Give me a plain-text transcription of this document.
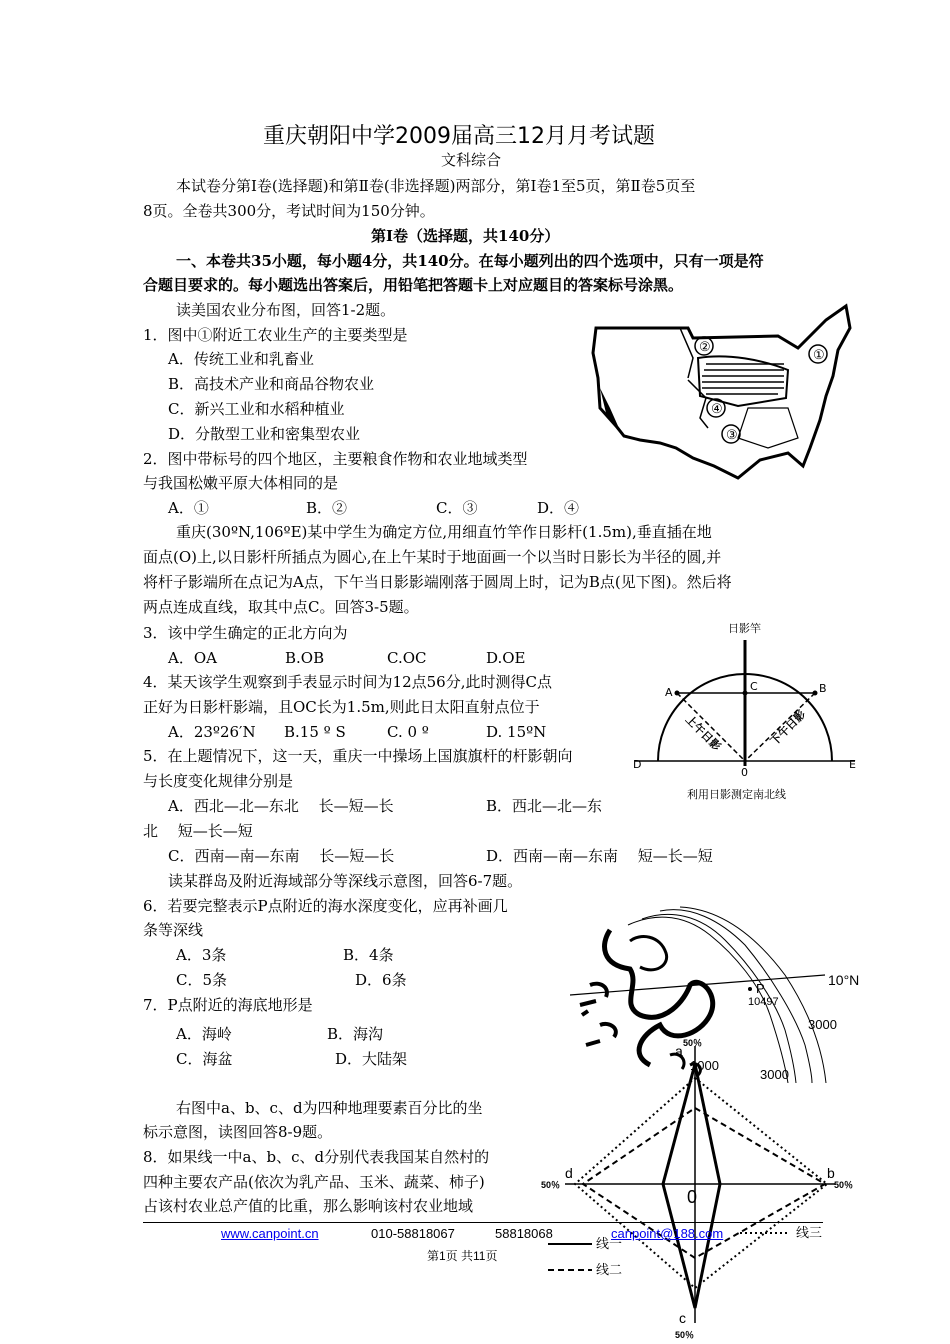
重庆朝阳中学2009届高三12月月考试题
文科综合
本试卷分第Ⅰ卷(选择题)和第Ⅱ卷(非选择题)两部分，第Ⅰ卷1至5页，第Ⅱ卷5页至
8页。全卷共300分，考试时间为150分钟。
第Ⅰ卷（选择题，共140分）
一、本卷共35小题，每小题4分，共140分。在每小题列出的四个选项中，只有一项是符
合题目要求的。每小题选出答案后，用铅笔把答题卡上对应题目的答案标号涂黑。
读美国农业分布图，回答1-2题。
1．图中①附近工农业生产的主要类型是
A．传统工业和乳畜业
B．高技术产业和商品谷物农业
C．新兴工业和水稻种植业
D．分散型工业和密集型农业
2．图中带标号的四个地区，主要粮食作物和农业地域类型
与我国松嫩平原大体相同的是
A．①	B．②	C．③	D．④
②
①
④
③
重庆(30ºN,106ºE)某中学生为确定方位,用细直竹竿作日影杆(1.5m),垂直插在地
面点(O)上,以日影杆所插点为圆心,在上午某时于地面画一个以当时日影长为半径的圆,并
将杆子影端所在点记为A点，下午当日影影端刚落于圆周上时，记为B点(见下图)。然后将
两点连成直线，取其中点C。回答3-5题。
3．该中学生确定的正北方向为
A．OA	B.OB	C.OC	D.OE
4．某天该学生观察到手表显示时间为12点56分,此时测得C点
正好为日影杆影端，且OC长为1.5m,则此日太阳直射点位于
A．23º26′N B.15 º S	C. 0 º	D. 15ºN
5．在上题情况下，这一天，重庆一中操场上国旗旗杆的杆影朝向
与长度变化规律分别是
A．西北—北—东北　 长—短—长	B．西北—北—东
北　 短—长—短
C．西南—南—东南　 长—短—长	D．西南—南—东南　 短—长—短
日影竿
A	B
C
D	E
0
上午日影	下午日影
利用日影测定南北线
读某群岛及附近海域部分等深线示意图，回答6-7题。
6．若要完整表示P点附近的海水深度变化，应再补画几
条等深线
A．3条	B．4条
C．5条	D．6条
7．P点附近的海底地形是
A．海岭	B．海沟
C．海盆	D．大陆架
P
10497
10°N
3000
3000
1000
右图中a、b、c、d为四种地理要素百分比的坐
标示意图，读图回答8-9题。
8．如果线一中a、b、c、d分别代表我国某自然村的
四种主要农产品(依次为乳产品、玉米、蔬菜、柿子)
占该村农业总产值的比重，那么影响该村农业地域
a 50％
b
50％
c
50％
d
50％
0
www.canpoint.cn	010-58818067	58818068	canpoint@188.com
第1页 共11页
线一
线二
线三
